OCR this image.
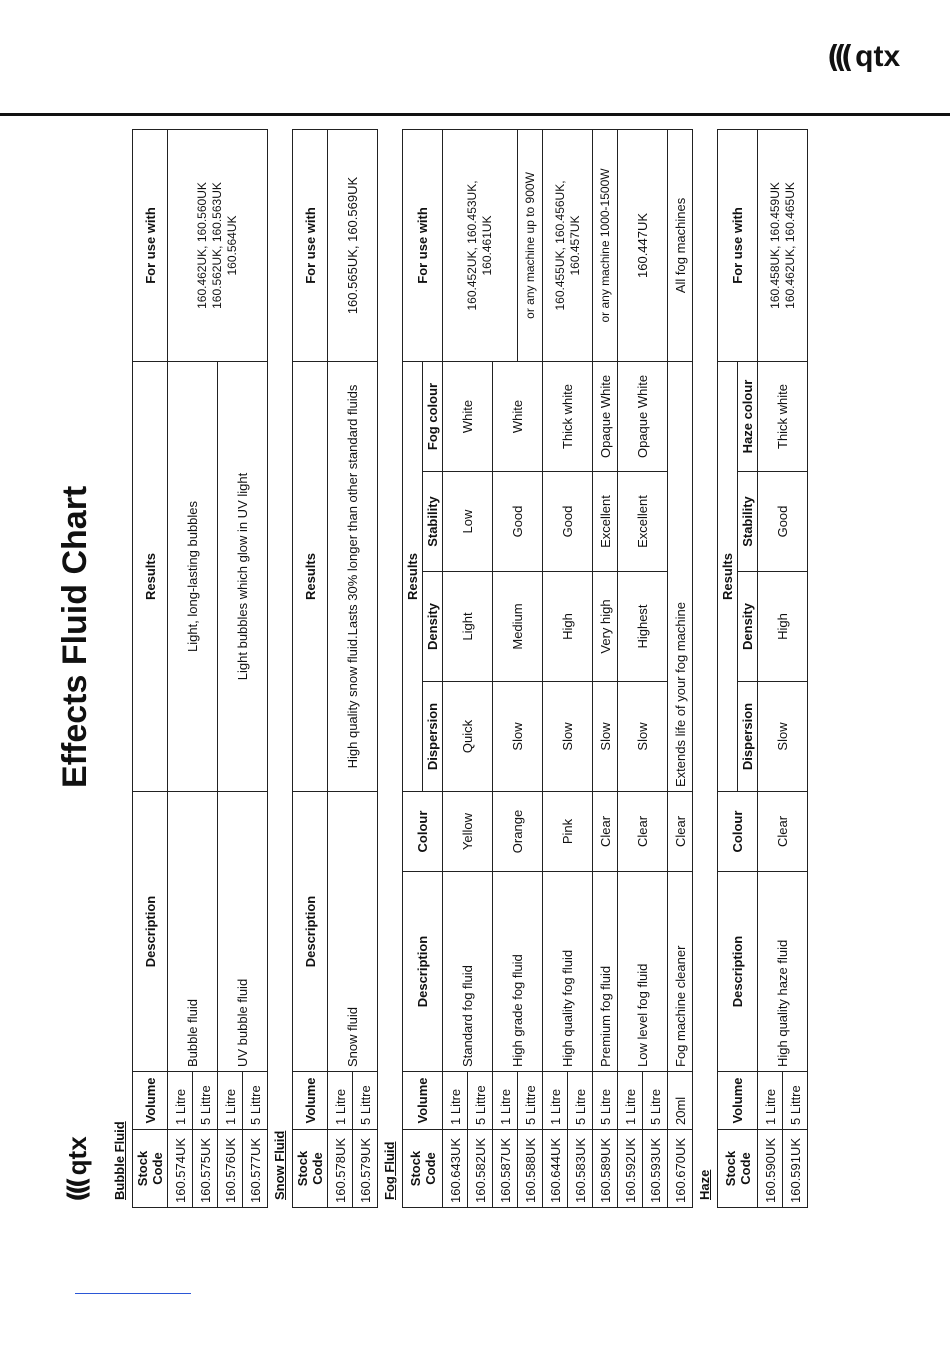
((( qtx
(((
qtx
Effects Fluid Chart
Bubble Fluid Stock Code	Volume	Description	Results	For use with
160.574UK	1 Litre	Bubble fluid	Light, long-lasting bubbles	160.462UK, 160.560UK 160.562UK, 160.563UK 160.564UK

160.575UK	5 Littre			
160.576UK	1 Litre	UV bubble fluid	Light bubbles which glow in UV light	
160.577UK	5 Littre			
Snow Fluid Stock Code	Volume	Description	Results	For use with
160.578UK	1 Litre	Snow fluid	High quality snow fluid.Lasts 30% longer than other standard fluids	160.565UK, 160.569UK
160.579UK	5 Littre			
Fog Fluid Stock Code	Volume	Description	Colour	Results				For use with
				Dispersion	Density	Stability	Fog colour	
160.643UK	1 Litre	Standard fog fluid	Yellow	Quick	Light	Low	White	160.452UK, 160.453UK, 160.461UK

160.582UK	5 Littre							
160.587UK	1 Litre	High grade fog fluid	Orange	Slow	Medium	Good	White	
160.588UK	5 Littre							or any machine up to 900W
160.644UK	1 Litre	High quality fog fluid	Pink	Slow	High	Good	Thick white	160.455UK, 160.456UK, 160.457UK

160.583UK	5 Litre							
160.589UK	5 Litre	Premium fog fluid	Clear	Slow	Very high	Excellent	Opaque White	or any machine 1000-1500W
160.592UK	1 Litre	Low level fog fluid	Clear	Slow	Highest	Excellent	Opaque White	160.447UK
160.593UK	5 Litre							
160.670UK	20ml	Fog machine cleaner	Clear	Extends life of your fog machine				All fog machines
Haze Stock Code	Volume	Description	Colour	Results				For use with
				Dispersion	Density	Stability	Haze colour	
160.590UK	1 Litre	High quality haze fluid	Clear	Slow	High	Good	Thick white	160.458UK, 160.459UK 160.462UK, 160.465UK

160.591UK	5 Littre							
